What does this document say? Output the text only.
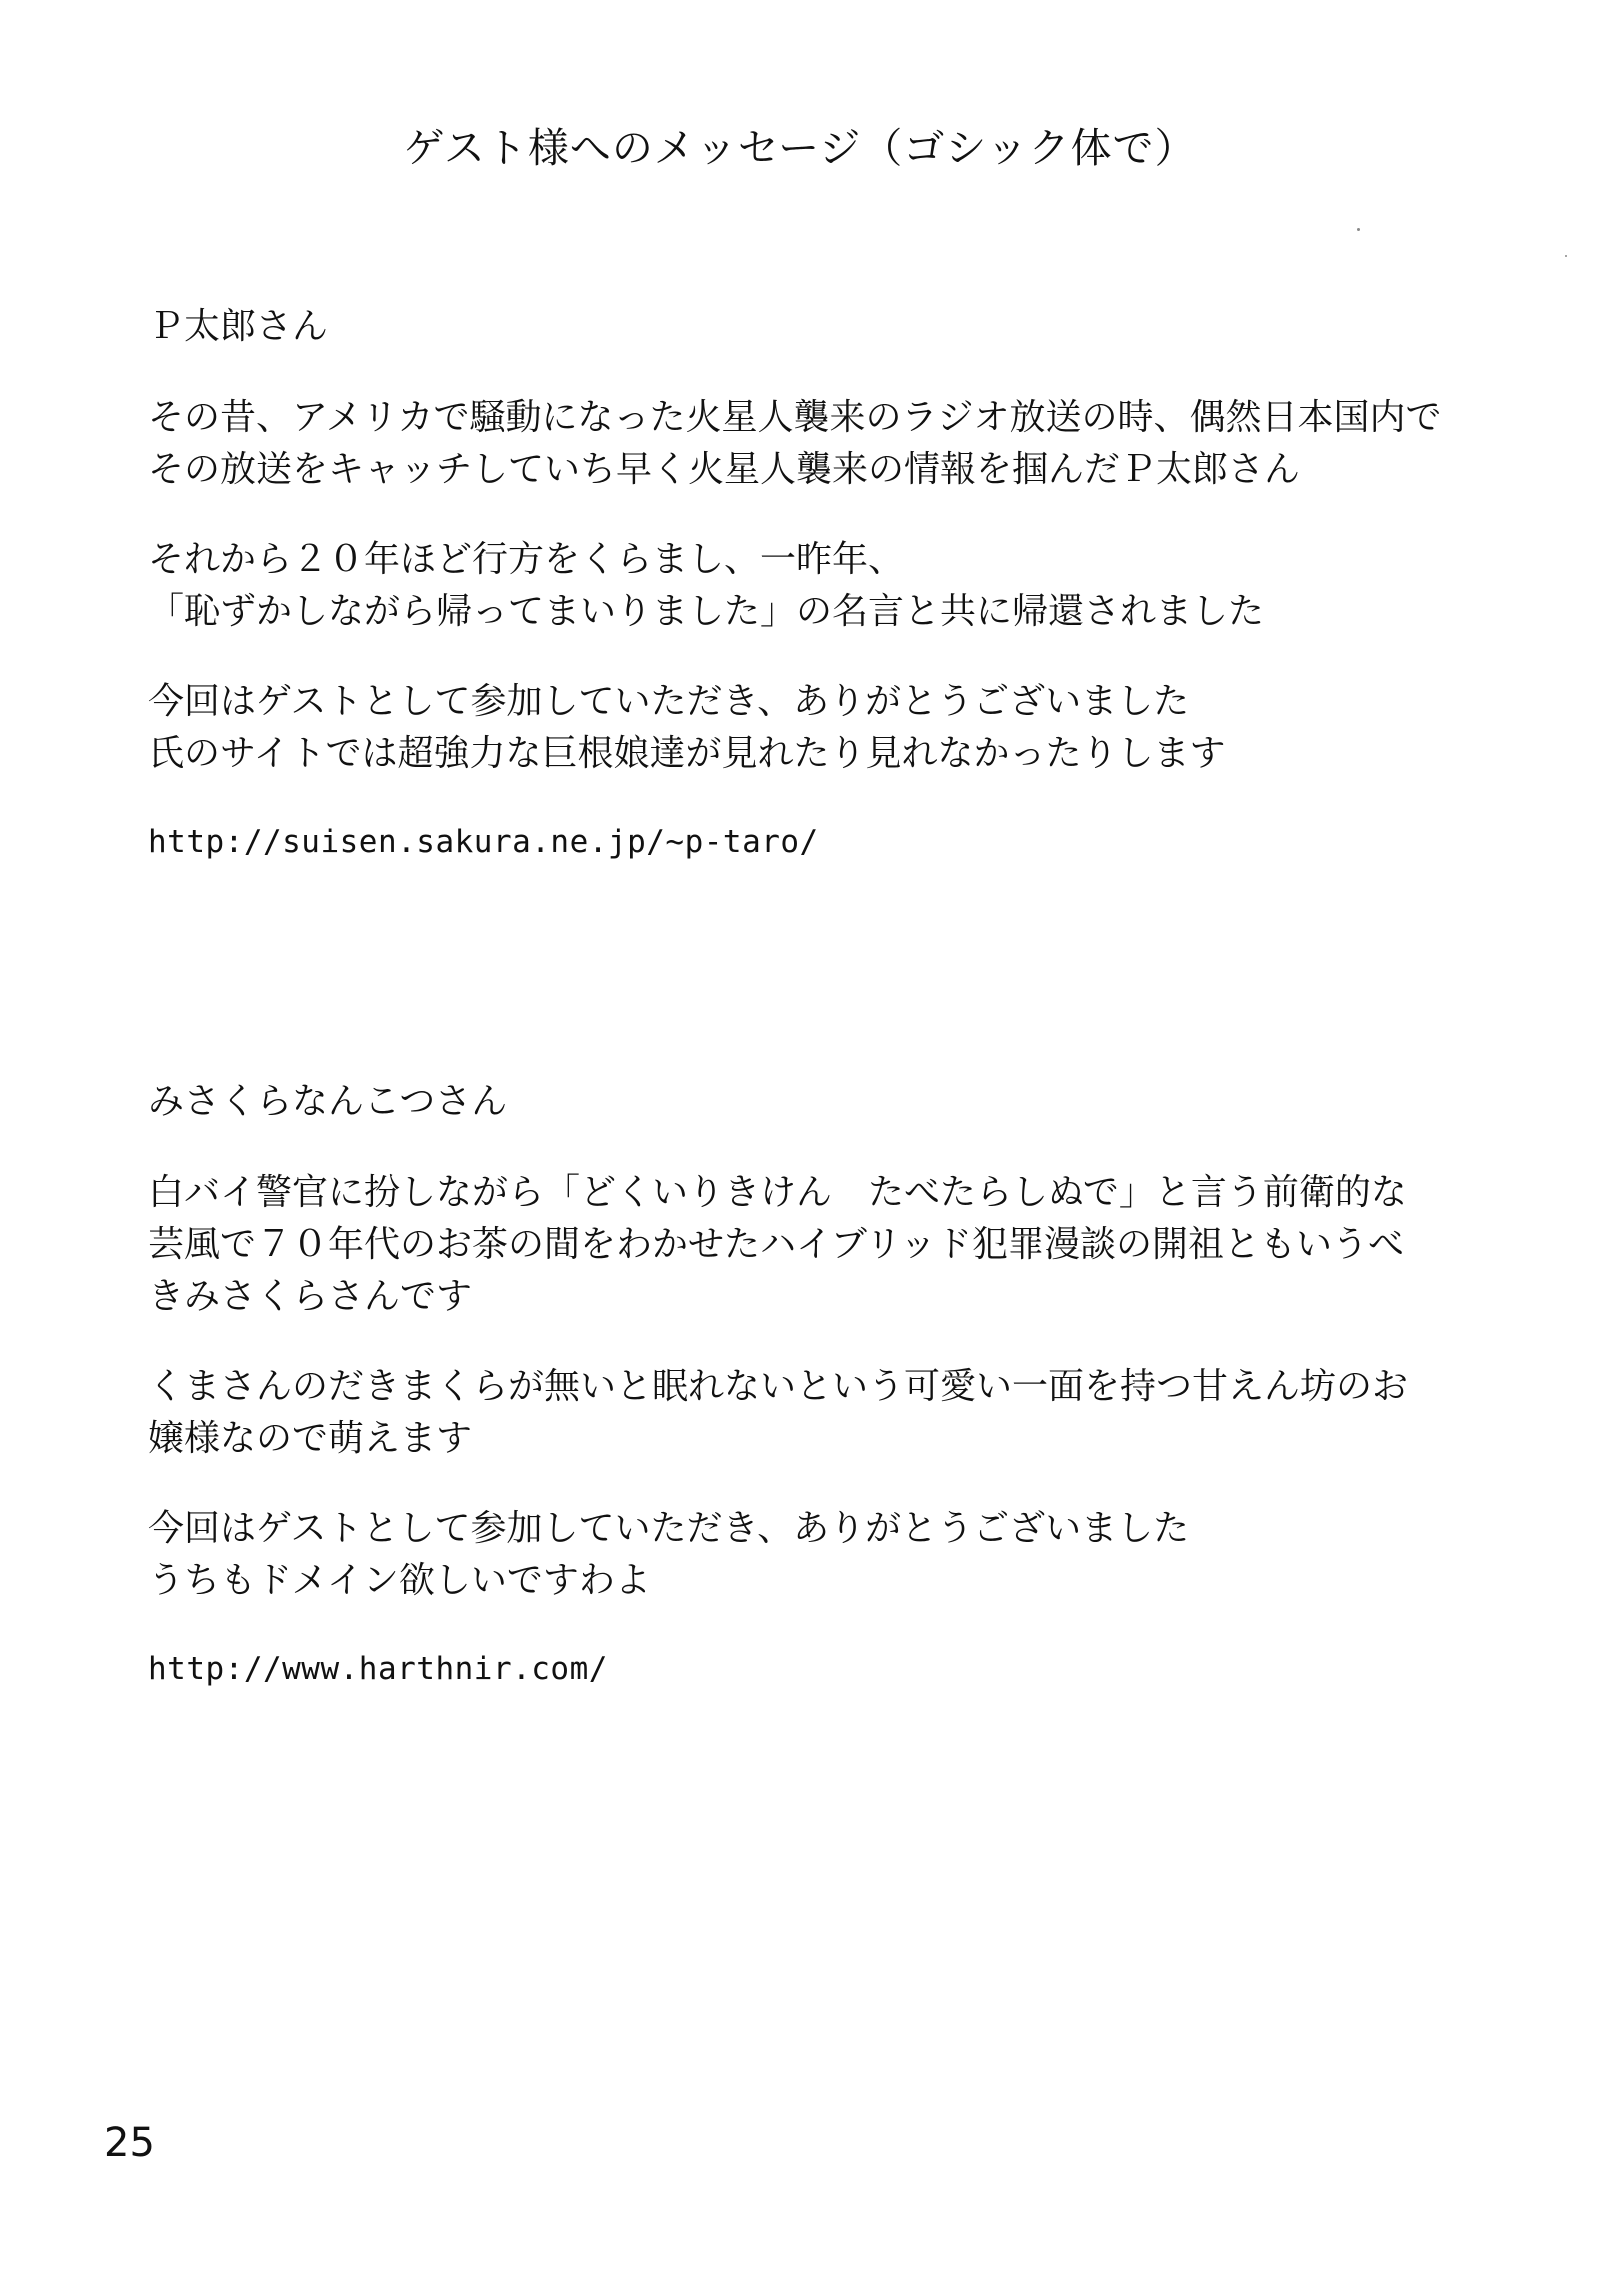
ゲスト様へのメッセージ（ゴシック体で）
Ｐ太郎さん
その昔、アメリカで騒動になった火星人襲来のラジオ放送の時、偶然日本国内で
その放送をキャッチしていち早く火星人襲来の情報を掴んだＰ太郎さん
それから２０年ほど行方をくらまし、一昨年、
「恥ずかしながら帰ってまいりました」の名言と共に帰還されました
今回はゲストとして参加していただき、ありがとうございました
氏のサイトでは超強力な巨根娘達が見れたり見れなかったりします
http://suisen.sakura.ne.jp/~p-taro/
みさくらなんこつさん
白バイ警官に扮しながら「どくいりきけん　たべたらしぬで」と言う前衛的な
芸風で７０年代のお茶の間をわかせたハイブリッド犯罪漫談の開祖ともいうべ
きみさくらさんです
くまさんのだきまくらが無いと眠れないという可愛い一面を持つ甘えん坊のお
嬢様なので萌えます
今回はゲストとして参加していただき、ありがとうございました
うちもドメイン欲しいですわよ
http://www.harthnir.com/
25
